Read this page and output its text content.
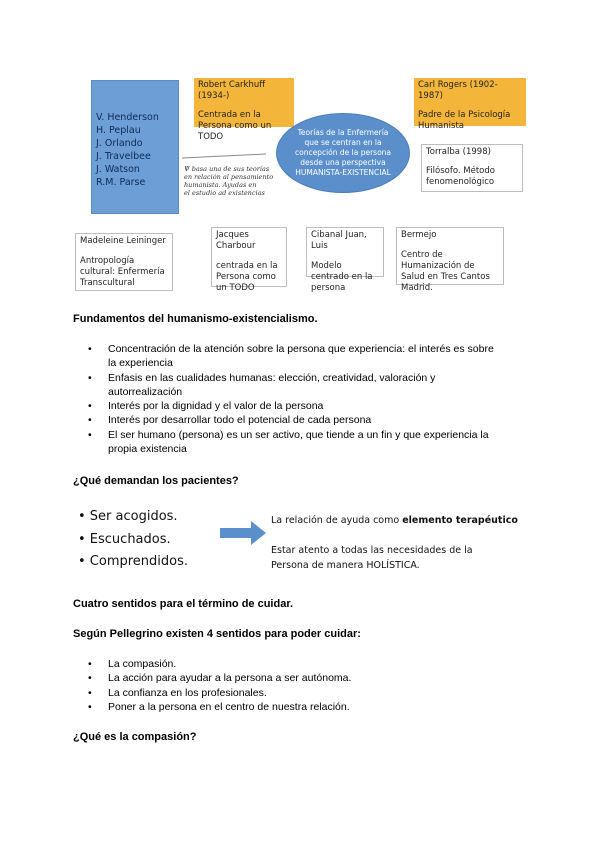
V. Henderson
H. Peplau
J. Orlando
J. Travelbee
J. Watson
R.M. Parse
Robert Carkhuff (1934-)
Centrada en la Persona como un TODO
Carl Rogers (1902-1987)
Padre de la Psicología Humanista
Teorías de la Enfermería que se centran en la concepción de la persona desde una perspectiva HUMANISTA-EXISTENCIAL
Torralba (1998)
Filósofo. Método fenomenológico
Ψ basa una de sus teorías
en relación al pensamiento
humanista. Ayudas en
el estudio ad existencias
Madeleine Leininger
Antropología cultural: Enfermería Transcultural
Jacques Charbour
centrada en la Persona como un TODO
Cibanal Juan, Luis
Modelo centrado en la persona
Bermejo
Centro de Humanización de Salud en Tres Cantos Madrid.
Fundamentos del humanismo-existencialismo.
• Concentración de la atención sobre la persona que experiencia: el interés es sobre
la experiencia
• Enfasis en las cualidades humanas: elección, creatividad, valoración y
autorrealización
• Interés por la dignidad y el valor de la persona
• Interés por desarrollar todo el potencial de cada persona
• El ser humano (persona) es un ser activo, que tiende a un fin y que experiencia la
propia existencia
¿Qué demandan los pacientes?
• Ser acogidos.
• Escuchados.
• Comprendidos.
La relación de ayuda como elemento terapéutico
Estar atento a todas las necesidades de la
Persona de manera HOLÍSTICA.
Cuatro sentidos para el término de cuidar.
Según Pellegrino existen 4 sentidos para poder cuidar:
• La compasión.
• La acción para ayudar a la persona a ser autónoma.
• La confianza en los profesionales.
• Poner a la persona en el centro de nuestra relación.
¿Qué es la compasión?
